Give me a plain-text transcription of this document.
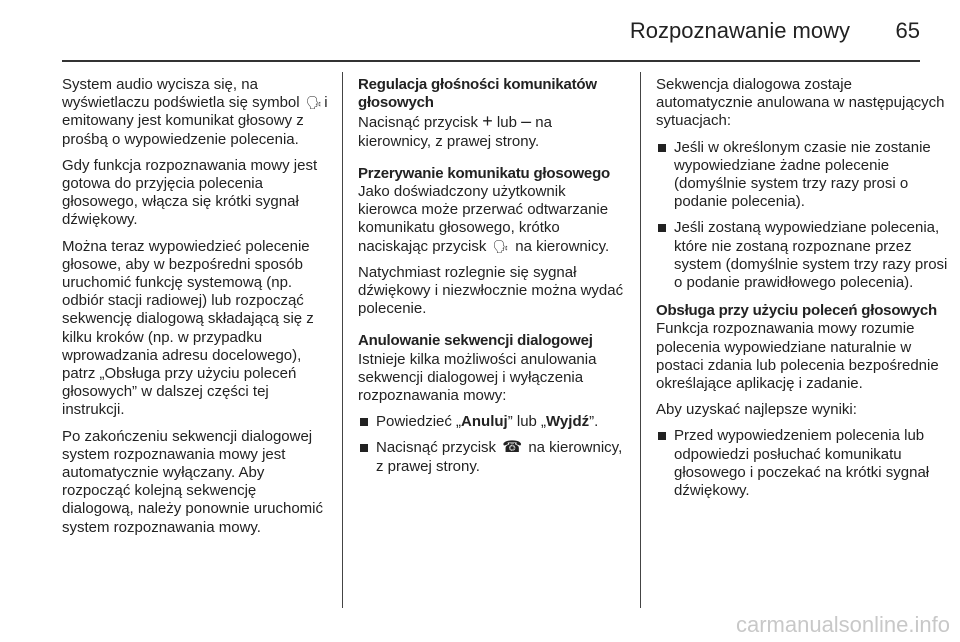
Rozpoznawanie mowy 65

System audio wycisza się, na wyświetlaczu podświetla się symbol 🗣︎ i emitowany jest komunikat głosowy z prośbą o wypowiedzenie polecenia.

Gdy funkcja rozpoznawania mowy jest gotowa do przyjęcia polecenia głosowego, włącza się krótki sygnał dźwiękowy.

Można teraz wypowiedzieć polecenie głosowe, aby w bezpośredni sposób uruchomić funkcję systemową (np. odbiór stacji radiowej) lub rozpocząć sekwencję dialogową składającą się z kilku kroków (np. w przypadku wprowadzania adresu docelowego), patrz „Obsługa przy użyciu poleceń głosowych” w dalszej części tej instrukcji.

Po zakończeniu sekwencji dialogowej system rozpoznawania mowy jest automatycznie wyłączany. Aby rozpocząć kolejną sekwencję dialogową, należy ponownie uruchomić system rozpoznawania mowy.

Regulacja głośności komunikatów głosowych

Nacisnąć przycisk + lub – na kierownicy, z prawej strony.

Przerywanie komunikatu głosowego

Jako doświadczony użytkownik kierowca może przerwać odtwarzanie komunikatu głosowego, krótko naciskając przycisk 🗣︎ na kierownicy.

Natychmiast rozlegnie się sygnał dźwiękowy i niezwłocznie można wydać polecenie.

Anulowanie sekwencji dialogowej

Istnieje kilka możliwości anulowania sekwencji dialogowej i wyłączenia rozpoznawania mowy:

Powiedzieć „Anuluj” lub „Wyjdź”.
Nacisnąć przycisk ☎︎ na kierownicy, z prawej strony.

Sekwencja dialogowa zostaje automatycznie anulowana w następujących sytuacjach:

Jeśli w określonym czasie nie zostanie wypowiedziane żadne polecenie (domyślnie system trzy razy prosi o podanie polecenia).
Jeśli zostaną wypowiedziane polecenia, które nie zostaną rozpoznane przez system (domyślnie system trzy razy prosi o podanie prawidłowego polecenia).

Obsługa przy użyciu poleceń głosowych

Funkcja rozpoznawania mowy rozumie polecenia wypowiedziane naturalnie w postaci zdania lub polecenia bezpośrednie określające aplikację i zadanie.

Aby uzyskać najlepsze wyniki:

Przed wypowiedzeniem polecenia lub odpowiedzi posłuchać komunikatu głosowego i poczekać na krótki sygnał dźwiękowy.
carmanualsonline.info
